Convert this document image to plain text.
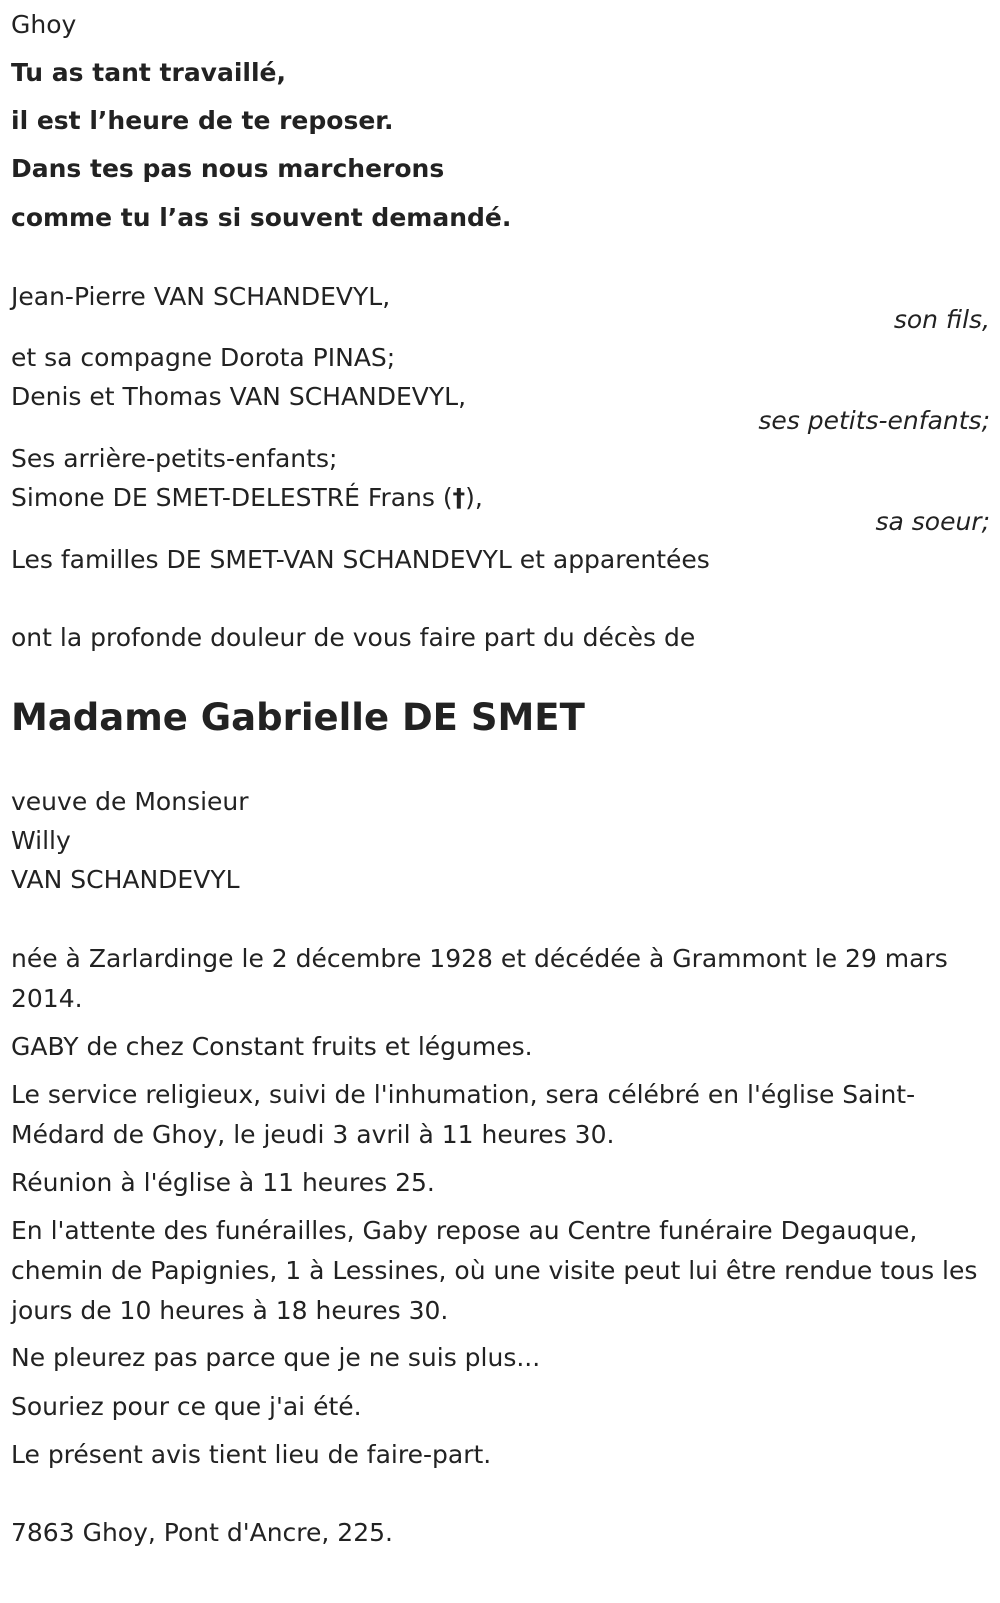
Ghoy
Tu as tant travaillé,
il est l’heure de te reposer.
Dans tes pas nous marcherons
comme tu l’as si souvent demandé.
Jean-Pierre VAN SCHANDEVYL,
son fils,
et sa compagne Dorota PINAS;
Denis et Thomas VAN SCHANDEVYL,
ses petits-enfants;
Ses arrière-petits-enfants;
Simone DE SMET-DELESTRÉ Frans (†),
sa soeur;
Les familles DE SMET-VAN SCHANDEVYL et apparentées
ont la profonde douleur de vous faire part du décès de
Madame Gabrielle DE SMET
veuve de Monsieur
Willy
VAN SCHANDEVYL
née à Zarlardinge le 2 décembre 1928 et décédée à Grammont le 29 mars 2014.
GABY de chez Constant fruits et légumes.
Le service religieux, suivi de l'inhumation, sera célébré en l'église Saint-Médard de Ghoy, le jeudi 3 avril à 11 heures 30.
Réunion à l'église à 11 heures 25.
En l'attente des funérailles, Gaby repose au Centre funéraire Degauque, chemin de Papignies, 1 à Lessines, où une visite peut lui être rendue tous les jours de 10 heures à 18 heures 30.
Ne pleurez pas parce que je ne suis plus...
Souriez pour ce que j'ai été.
Le présent avis tient lieu de faire-part.
7863 Ghoy, Pont d'Ancre, 225.
